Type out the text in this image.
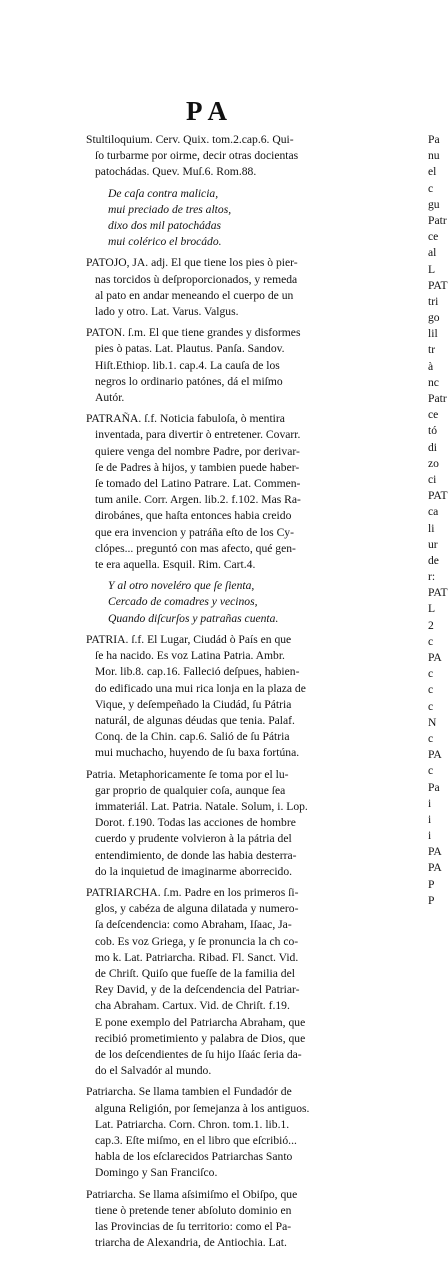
PA
Stultiloquium. Cerv. Quix. tom.2.cap.6. Qui-
ſo turbarme por oirme, decir otras docientas
patochádas. Quev. Muſ.6. Rom.88.
De caſa contra malicia,
mui preciado de tres altos,
dixo dos mil patochádas
mui colérico el brocádo.
PATOJO, JA. adj. El que tiene los pies ò pier-
nas torcidos ù deſproporcionados, y remeda
al pato en andar meneando el cuerpo de un
lado y otro. Lat. Varus. Valgus.
PATON. ſ.m. El que tiene grandes y disformes
pies ò patas. Lat. Plautus. Panſa. Sandov.
Hiſt.Ethiop. lib.1. cap.4. La cauſa de los
negros lo ordinario patónes, dá el miſmo
Autór.
PATRAÑA. ſ.f. Noticia fabuloſa, ò mentira
inventada, para divertir ò entretener. Covarr.
quiere venga del nombre Padre, por derivar-
ſe de Padres à hijos, y tambien puede haber-
ſe tomado del Latino Patrare. Lat. Commen-
tum anile. Corr. Argen. lib.2. f.102. Mas Ra-
dirobánes, que haſta entonces habia creido
que era invencion y patráña eſto de los Cy-
clópes... preguntó con mas afecto, qué gen-
te era aquella. Esquil. Rim. Cart.4.
Y al otro noveléro que ſe ſienta,
Cercado de comadres y vecinos,
Quando diſcurſos y patrañas cuenta.
PATRIA. ſ.f. El Lugar, Ciudád ò País en que
ſe ha nacido. Es voz Latina Patria. Ambr.
Mor. lib.8. cap.16. Falleció deſpues, habien-
do edificado una mui rica lonja en la plaza de
Vique, y deſempeñado la Ciudád, ſu Pátria
naturál, de algunas déudas que tenia. Palaf.
Conq. de la Chin. cap.6. Salió de ſu Pátria
mui muchacho, huyendo de ſu baxa fortúna.
Patria. Metaphoricamente ſe toma por el lu-
gar proprio de qualquier coſa, aunque ſea
immateriál. Lat. Patria. Natale. Solum, i. Lop.
Dorot. f.190. Todas las acciones de hombre
cuerdo y prudente volvieron à la pátria del
entendimiento, de donde las habia desterra-
do la inquietud de imaginarme aborrecido.
PATRIARCHA. ſ.m. Padre en los primeros ſi-
glos, y cabéza de alguna dilatada y numero-
ſa deſcendencia: como Abraham, Iſaac, Ja-
cob. Es voz Griega, y ſe pronuncia la ch co-
mo k. Lat. Patriarcha. Ribad. Fl. Sanct. Vid.
de Chriſt. Quiſo que fueſſe de la familia del
Rey David, y de la deſcendencia del Patriar-
cha Abraham. Cartux. Vid. de Chriſt. f.19.
E pone exemplo del Patriarcha Abraham, que
recibió prometimiento y palabra de Dios, que
de los deſcendientes de ſu hijo Iſaác ſeria da-
do el Salvadór al mundo.
Patriarcha. Se llama tambien el Fundadór de
alguna Religión, por ſemejanza à los antiguos.
Lat. Patriarcha. Corn. Chron. tom.1. lib.1.
cap.3. Eſte miſmo, en el libro que eſcribió...
habla de los eſclarecidos Patriarchas Santo
Domingo y San Franciſco.
Patriarcha. Se llama aſsimiſmo el Obiſpo, que
tiene ò pretende tener abſoluto dominio en
las Provincias de ſu territorio: como el Pa-
triarcha de Alexandria, de Antiochia. Lat.
Pa
nu
el
c
gu
Patr
ce
al
L
PAT
tri
go
lil
tr
à
nc
Patr
ce
tó
di
zo
ci
PAT
ca
li
ur
de
r:
PAT
L
2
c
PA
c
c
c
N
c
PA
c
Pa
i
i
i
PA
PA
P
P
